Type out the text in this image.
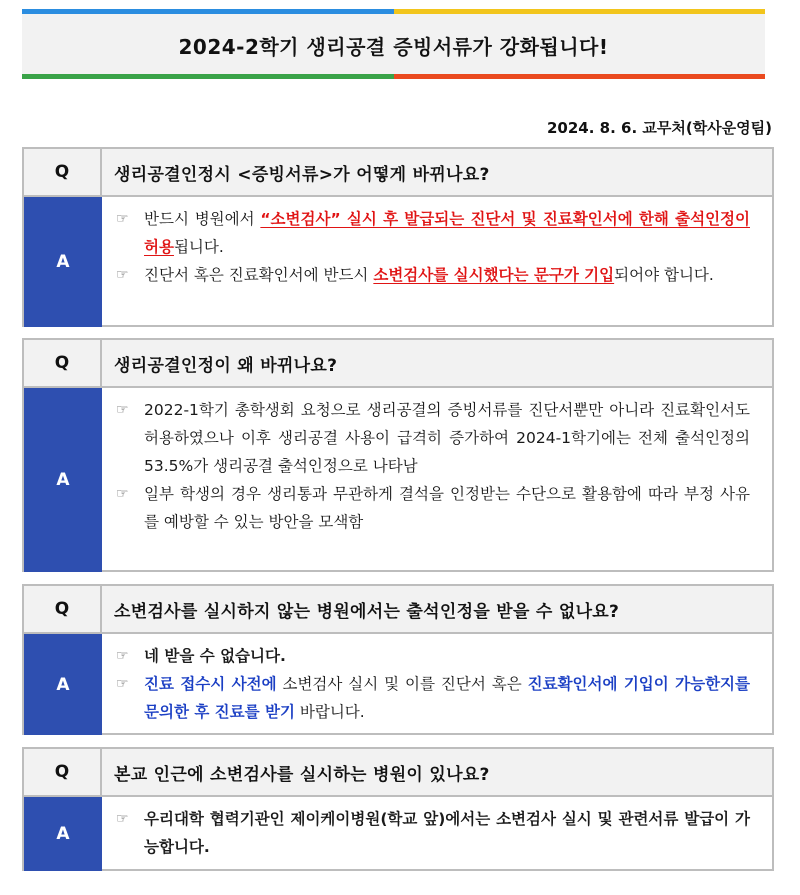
2024-2학기 생리공결 증빙서류가 강화됩니다!
2024. 8. 6. 교무처(학사운영팀)
Q	생리공결인정시 <증빙서류>가 어떻게 바뀌나요?
A
☞ 반드시 병원에서 “소변검사” 실시 후 발급되는 진단서 및 진료확인서에 한해 출석인정이 허용됩니다.
☞ 진단서 혹은 진료확인서에 반드시 소변검사를 실시했다는 문구가 기입되어야 합니다.
Q	생리공결인정이 왜 바뀌나요?
A
☞ 2022-1학기 총학생회 요청으로 생리공결의 증빙서류를 진단서뿐만 아니라 진료확인서도 허용하였으나 이후 생리공결 사용이 급격히 증가하여 2024-1학기에는 전체 출석인정의 53.5%가 생리공결 출석인정으로 나타남
☞ 일부 학생의 경우 생리통과 무관하게 결석을 인정받는 수단으로 활용함에 따라 부정 사유를 예방할 수 있는 방안을 모색함
Q	소변검사를 실시하지 않는 병원에서는 출석인정을 받을 수 없나요?
A
☞ 네 받을 수 없습니다.
☞ 진료 접수시 사전에 소변검사 실시 및 이를 진단서 혹은 진료확인서에 기입이 가능한지를 문의한 후 진료를 받기 바랍니다.
Q	본교 인근에 소변검사를 실시하는 병원이 있나요?
A
☞ 우리대학 협력기관인 제이케이병원(학교 앞)에서는 소변검사 실시 및 관련서류 발급이 가능합니다.
